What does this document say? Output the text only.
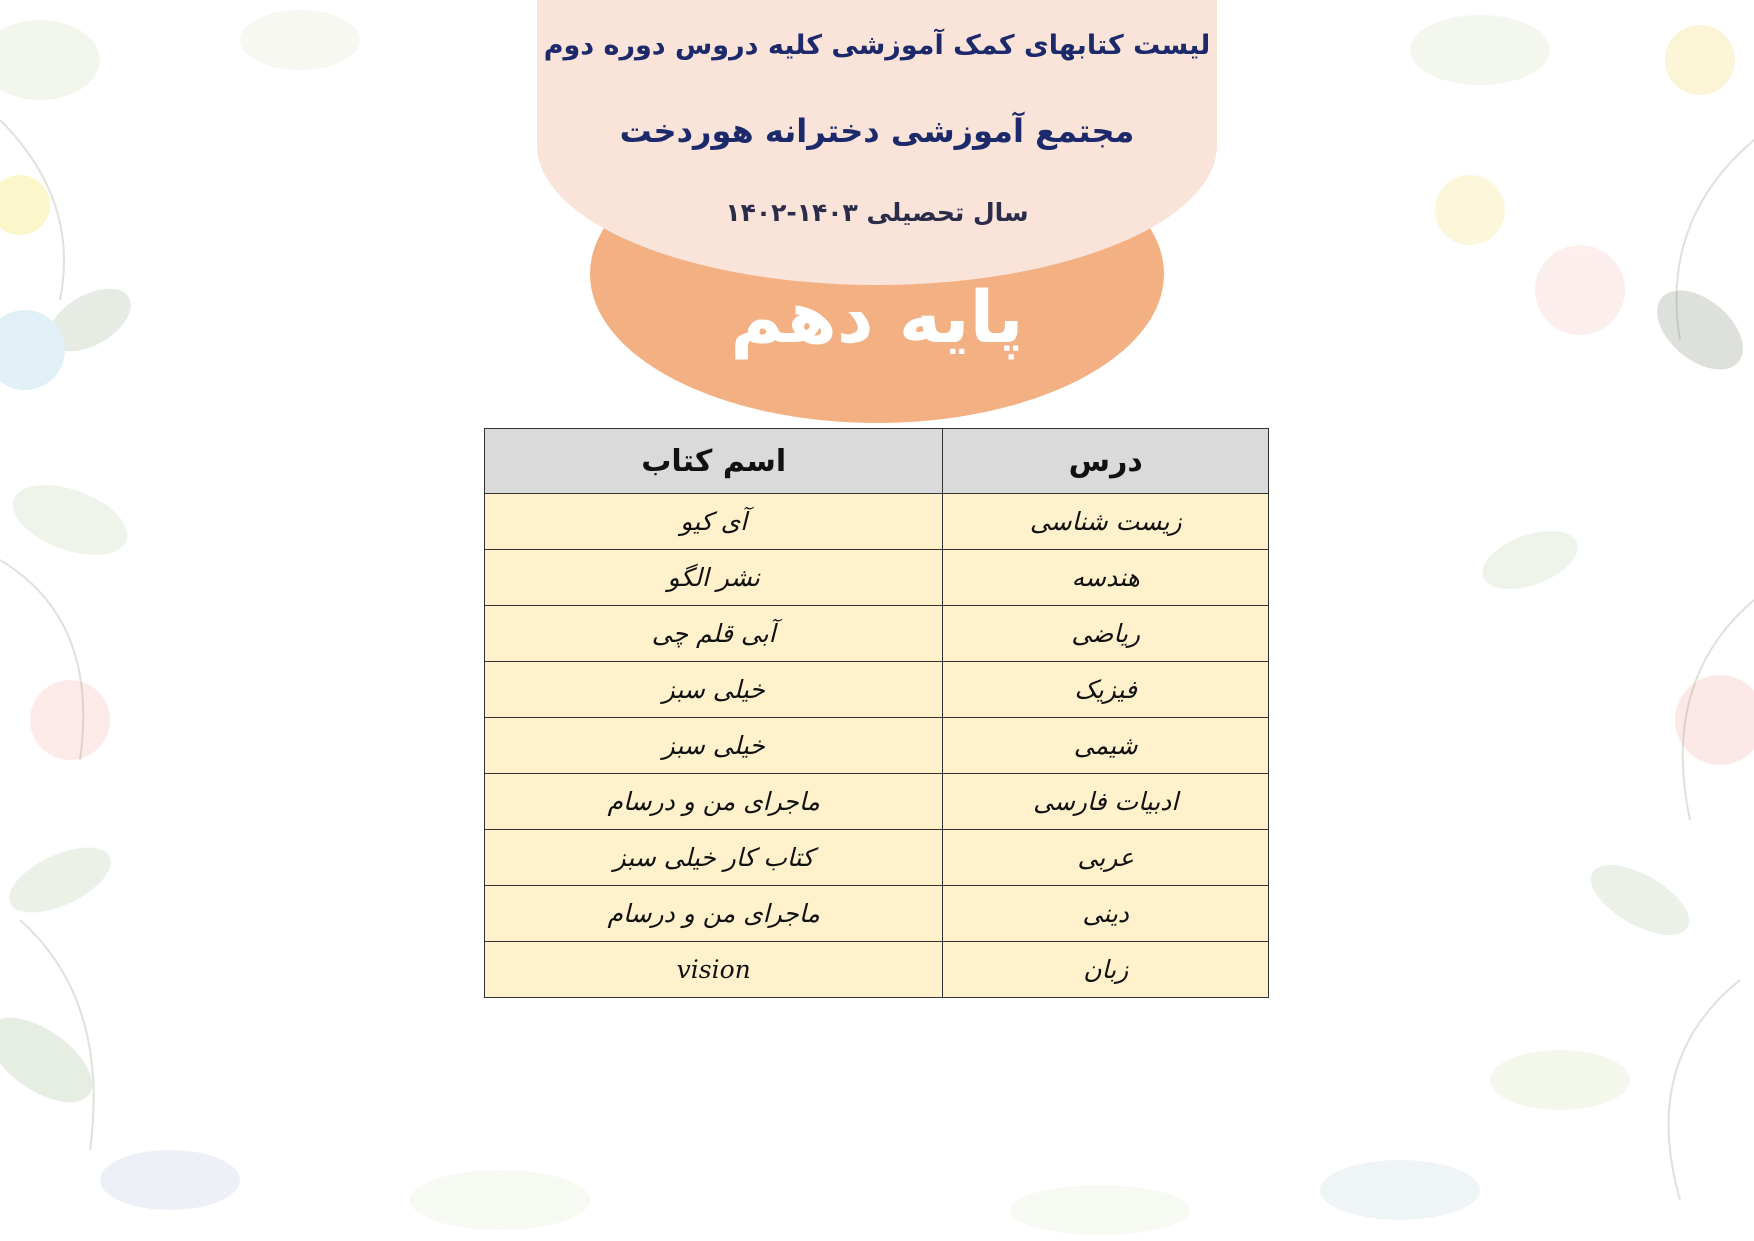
لیست کتابهای کمک آموزشی کلیه دروس دوره دوم
مجتمع آموزشی دخترانه هوردخت
سال تحصیلی ۱۴۰۳-۱۴۰۲
پایه دهم
درس	اسم کتاب
زیست شناسی	آی کیو
هندسه	نشر الگو
ریاضی	آبی قلم چی
فیزیک	خیلی سبز
شیمی	خیلی سبز
ادبیات فارسی	ماجرای من و درسام
عربی	کتاب کار خیلی سبز
دینی	ماجرای من و درسام
زبان	vision
